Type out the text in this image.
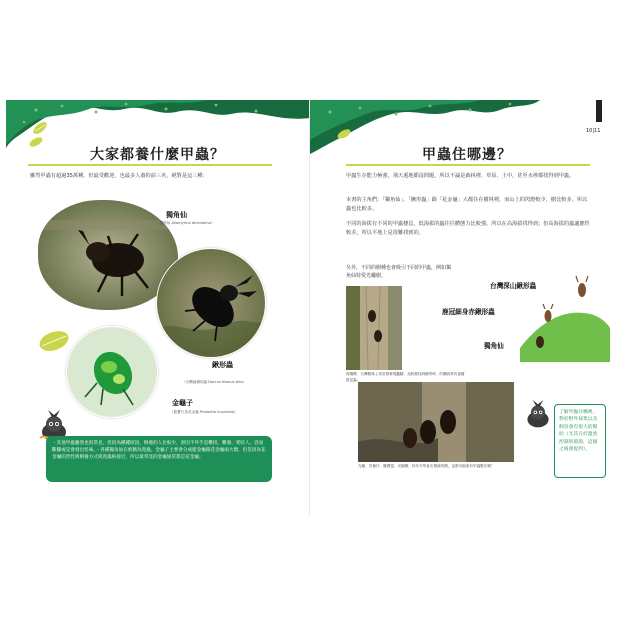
大家都養什麼甲蟲？
雖然甲蟲有超過35萬種，但最受歡迎、也最多人養的前三名，絕對是這三種：
獨角仙
（獨角仙 Allomyrina dichotoma）
鍬形蟲
（台灣扁鍬形蟲 Dorcus titanus sika）
金龜子
（藍寶石鳥花金龜 Protaetia inquinata）

・其他甲蟲雖然也很常見，但因為種種原因，飼養的人比較少，原因不外乎是難找、難養、愛咬人、容易斷腳或是會發出怪味。・各種獨角仙在被稱為兜蟲，金龜子主要會分成藍金龜跟花金龜兩大類，但是因為花金龜的習性與飼養方式與兜蟲較接近，所以最常見的金龜通常都是花金龜。

10|11
甲蟲住哪邊？
甲蟲生存能力極強，飛天遁地都沒問題，所以不論是森林裡、草原、土中，甚至水裡都找得到甲蟲。
本書的主角們：「獨角仙」、「鍬形蟲」跟「花金龜」大都住在樹林裡，而山上的閃燈較少，樹比較多，所以蟲也比較多。
不同的海拔有不同的甲蟲棲息，低海拔的蟲往往體態力比較強，所以在高海拔找得到；但高海拔的蟲適應性較差，所以平地上是很難找到的。
另外，不同的樹種也會吸引不同的甲蟲，例如獨角仙特愛光蠟樹。
再醒釋，台灣樹林上常常發發現蠶腳、烏粉樹找到蛹等時，的爛洞常有覓覆甜昆蟲。
台灣深山鍬形蟲
鹿冠細身赤鍬形蟲
獨角仙
光蠟、苦楝仔、擬蒼翅、光蠟樹，你年年等會走樹液的樹，也都可能會有甲蟲聚在喔！
了解甲蟲住哪裡，對於野外採集以及飼育會有很大的幫助（尤其在於溫度控制的環節，這個之後會提到）。
